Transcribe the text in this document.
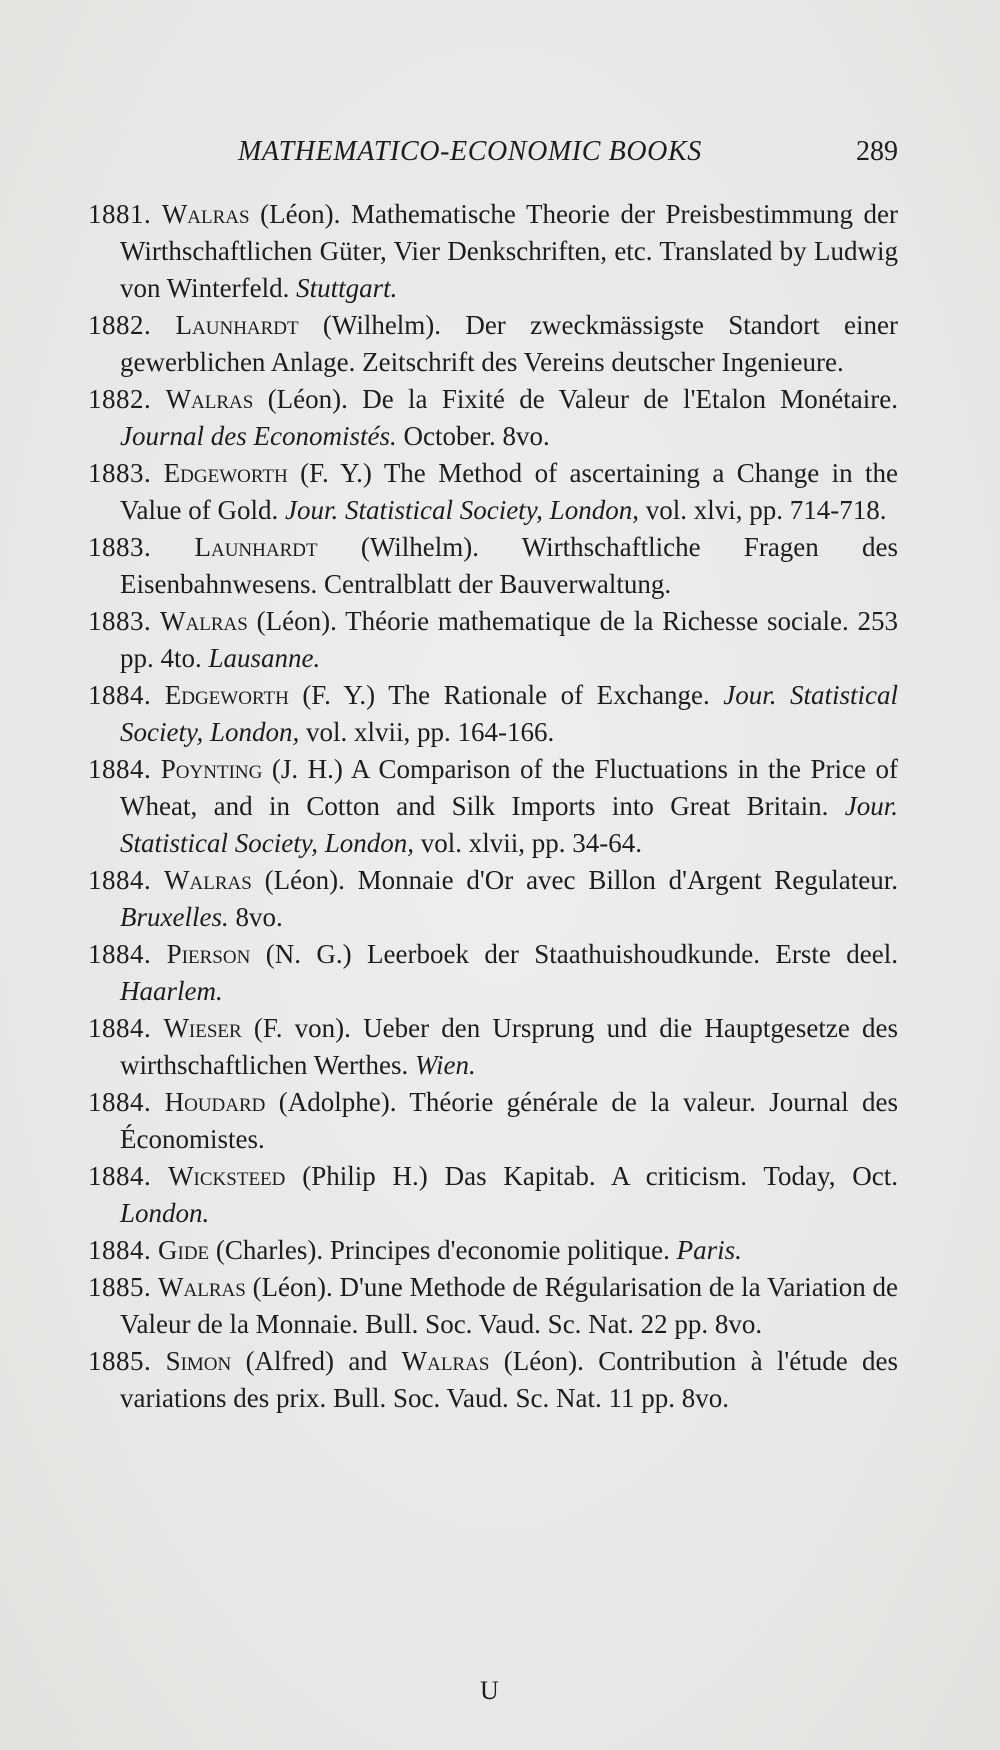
MATHEMATICO-ECONOMIC BOOKS	289

1881. Walras (Léon). Mathematische Theorie der Preisbestimmung der Wirthschaftlichen Güter, Vier Denkschriften, etc. Translated by Ludwig von Winterfeld. Stuttgart.

1882. Launhardt (Wilhelm). Der zweckmässigste Standort einer gewerblichen Anlage. Zeitschrift des Vereins deutscher Ingenieure.

1882. Walras (Léon). De la Fixité de Valeur de l'Etalon Monétaire. Journal des Economistés. October. 8vo.

1883. Edgeworth (F. Y.) The Method of ascertaining a Change in the Value of Gold. Jour. Statistical Society, London, vol. xlvi, pp. 714-718.

1883. Launhardt (Wilhelm). Wirthschaftliche Fragen des Eisenbahnwesens. Centralblatt der Bauverwaltung.

1883. Walras (Léon). Théorie mathematique de la Richesse sociale. 253 pp. 4to. Lausanne.

1884. Edgeworth (F. Y.) The Rationale of Exchange. Jour. Statistical Society, London, vol. xlvii, pp. 164-166.

1884. Poynting (J. H.) A Comparison of the Fluctuations in the Price of Wheat, and in Cotton and Silk Imports into Great Britain. Jour. Statistical Society, London, vol. xlvii, pp. 34-64.

1884. Walras (Léon). Monnaie d'Or avec Billon d'Argent Regulateur. Bruxelles. 8vo.

1884. Pierson (N. G.) Leerboek der Staathuishoudkunde. Erste deel. Haarlem.

1884. Wieser (F. von). Ueber den Ursprung und die Hauptgesetze des wirthschaftlichen Werthes. Wien.

1884. Houdard (Adolphe). Théorie générale de la valeur. Journal des Économistes.

1884. Wicksteed (Philip H.) Das Kapitab. A criticism. Today, Oct. London.

1884. Gide (Charles). Principes d'economie politique. Paris.

1885. Walras (Léon). D'une Methode de Régularisation de la Variation de Valeur de la Monnaie. Bull. Soc. Vaud. Sc. Nat. 22 pp. 8vo.

1885. Simon (Alfred) and Walras (Léon). Contribution à l'étude des variations des prix. Bull. Soc. Vaud. Sc. Nat. 11 pp. 8vo.

U
